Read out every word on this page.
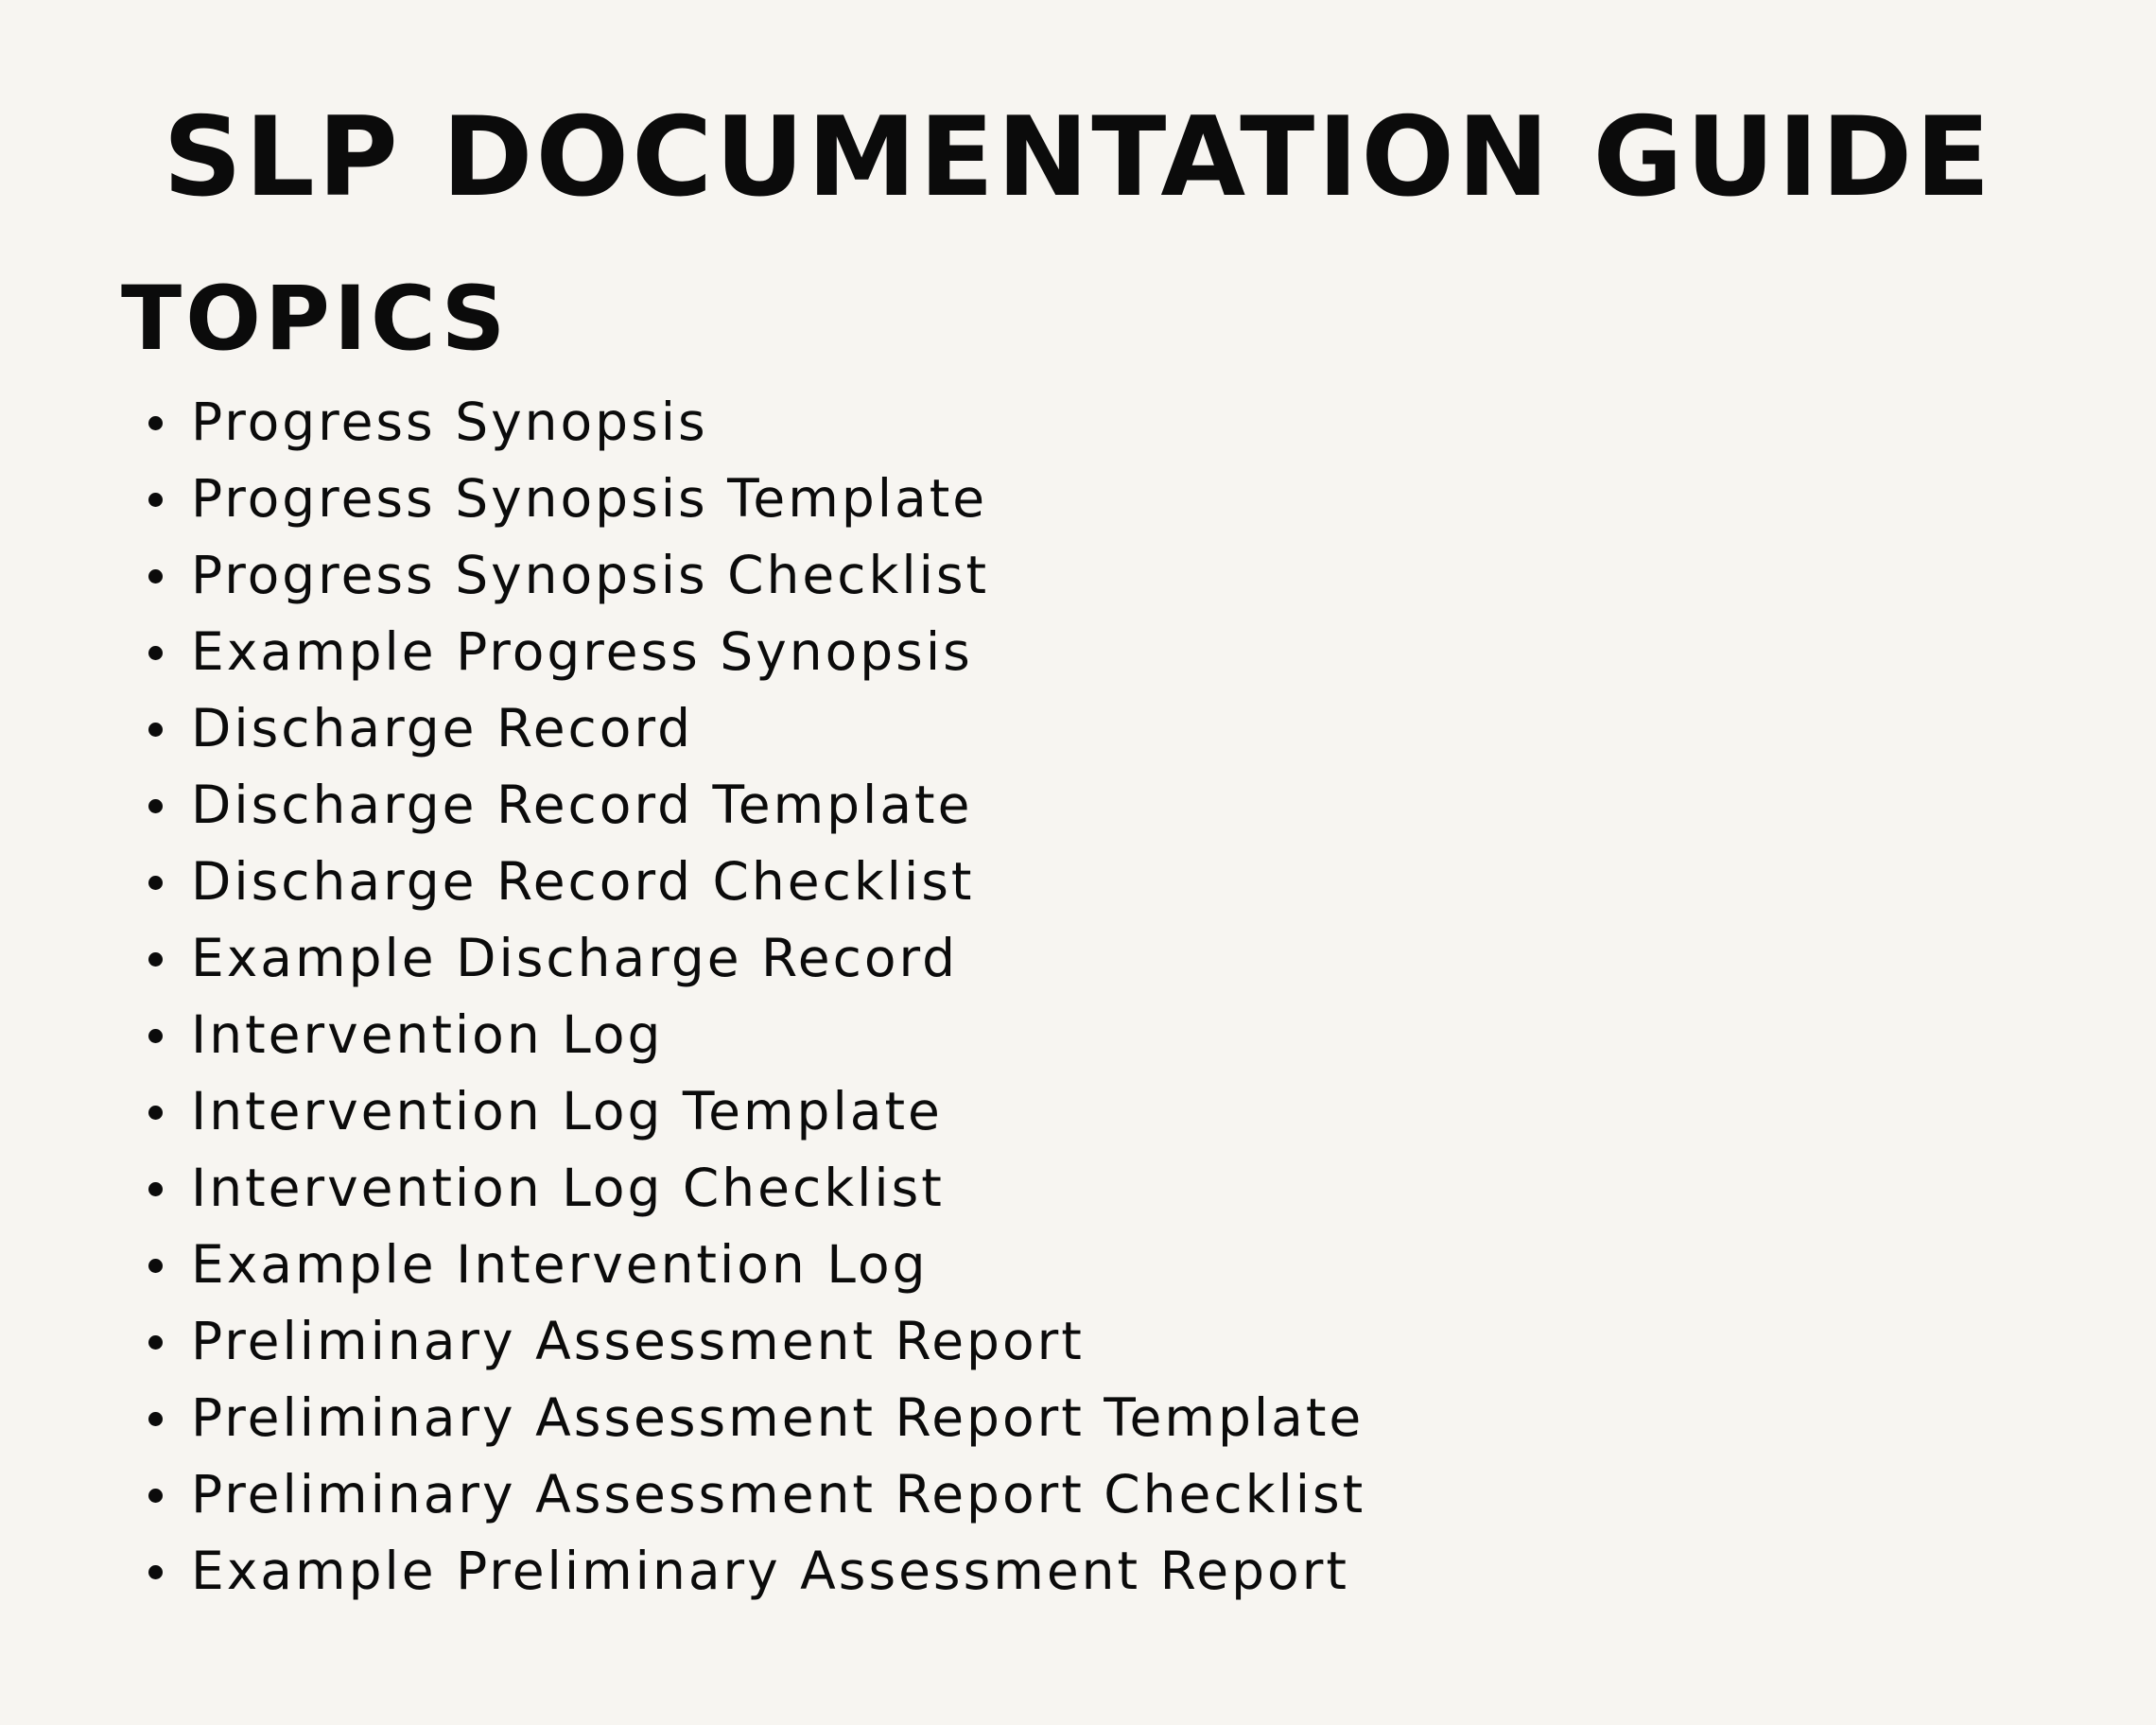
SLP DOCUMENTATION GUIDE
TOPICS
Progress Synopsis
Progress Synopsis Template
Progress Synopsis Checklist
Example Progress Synopsis
Discharge Record
Discharge Record Template
Discharge Record Checklist
Example Discharge Record
Intervention Log
Intervention Log Template
Intervention Log Checklist
Example Intervention Log
Preliminary Assessment Report
Preliminary Assessment Report Template
Preliminary Assessment Report Checklist
Example Preliminary Assessment Report
